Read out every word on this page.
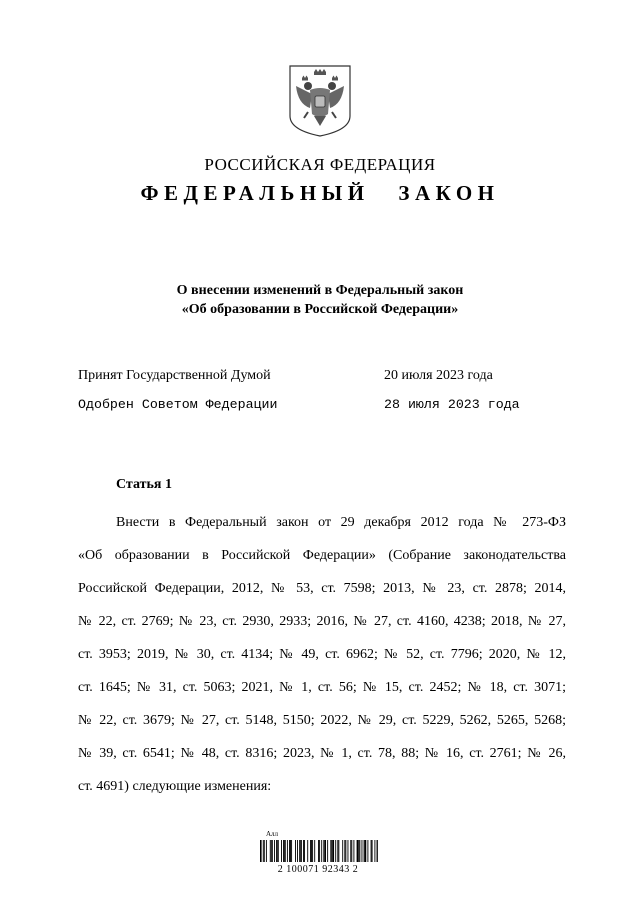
РОССИЙСКАЯ ФЕДЕРАЦИЯ
ФЕДЕРАЛЬНЫЙ ЗАКОН
О внесении изменений в Федеральный закон
«Об образовании в Российской Федерации»
Принят Государственной Думой	20 июля 2023 года
Одобрен Советом Федерации	28 июля 2023 года
Статья 1
Внести в Федеральный закон от 29 декабря 2012 года № 273-ФЗ
«Об образовании в Российской Федерации» (Собрание законодательства
Российской Федерации, 2012, № 53, ст. 7598; 2013, № 23, ст. 2878; 2014,
№ 22, ст. 2769; № 23, ст. 2930, 2933; 2016, № 27, ст. 4160, 4238; 2018, № 27,
ст. 3953; 2019, № 30, ст. 4134; № 49, ст. 6962; № 52, ст. 7796; 2020, № 12,
ст. 1645; № 31, ст. 5063; 2021, № 1, ст. 56; № 15, ст. 2452; № 18, ст. 3071;
№ 22, ст. 3679; № 27, ст. 5148, 5150; 2022, № 29, ст. 5229, 5262, 5265, 5268;
№ 39, ст. 6541; № 48, ст. 8316; 2023, № 1, ст. 78, 88; № 16, ст. 2761; № 26,
ст. 4691) следующие изменения:
Алл
2 100071 92343 2
